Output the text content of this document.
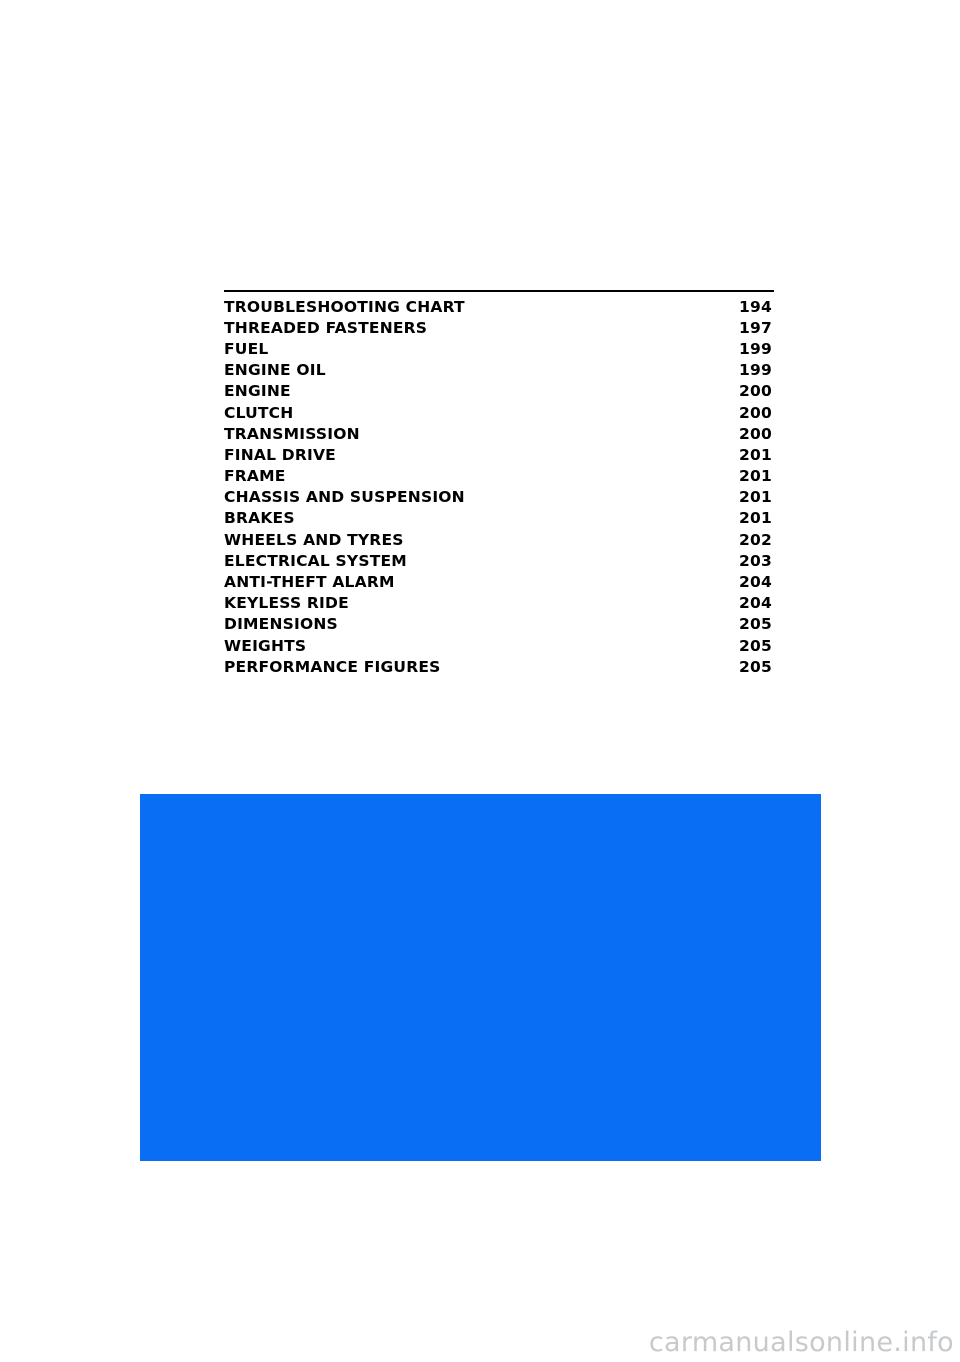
TROUBLESHOOTING CHART	194
THREADED FASTENERS	197
FUEL	199
ENGINE OIL	199
ENGINE	200
CLUTCH	200
TRANSMISSION	200
FINAL DRIVE	201
FRAME	201
CHASSIS AND SUSPENSION	201
BRAKES	201
WHEELS AND TYRES	202
ELECTRICAL SYSTEM	203
ANTI-THEFT ALARM	204
KEYLESS RIDE	204
DIMENSIONS	205
WEIGHTS	205
PERFORMANCE FIGURES	205
carmanualsonline.info
